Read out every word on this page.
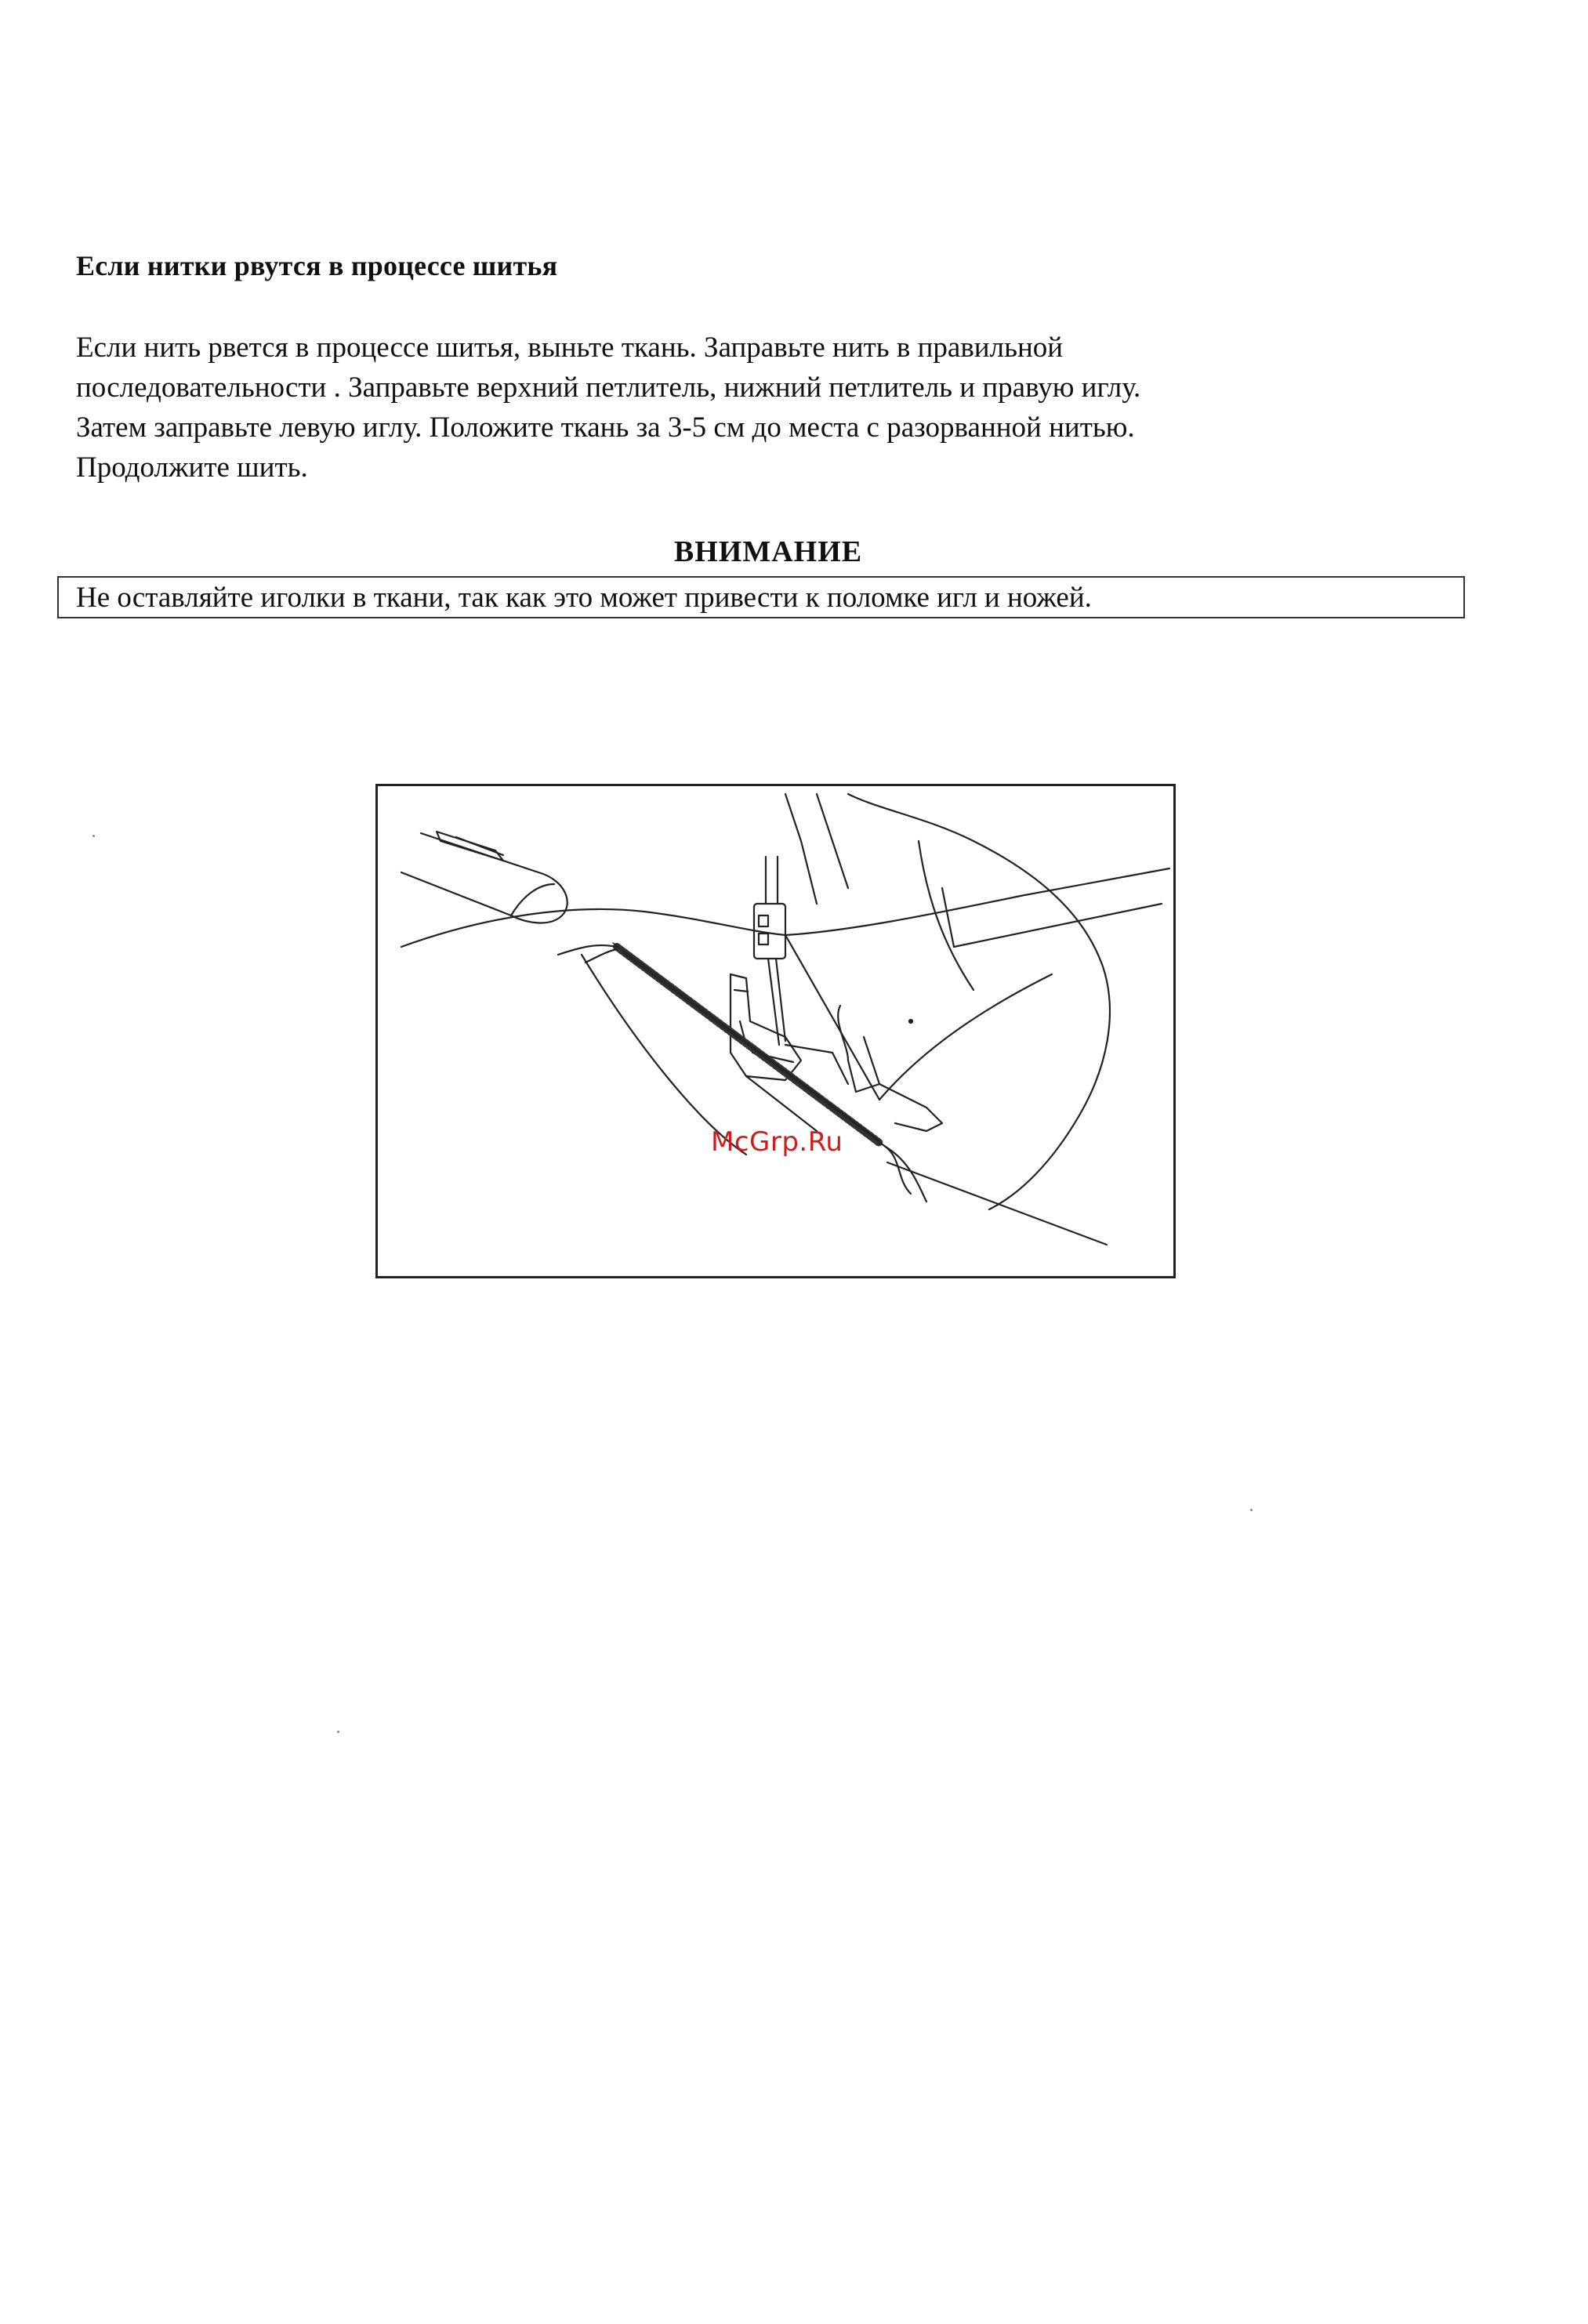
Если нитки рвутся в процессе шитья

Если нить рвется в процессе шитья, выньте ткань. Заправьте нить в правильной
последовательности . Заправьте верхний петлитель, нижний петлитель и правую иглу.
Затем заправьте левую иглу. Положите ткань за 3-5 см до места с разорванной нитью.
Продолжите шить.

ВНИМАНИЕ
Не оставляйте иголки в ткани, так как это может привести к поломке игл и ножей.
McGrp.Ru
